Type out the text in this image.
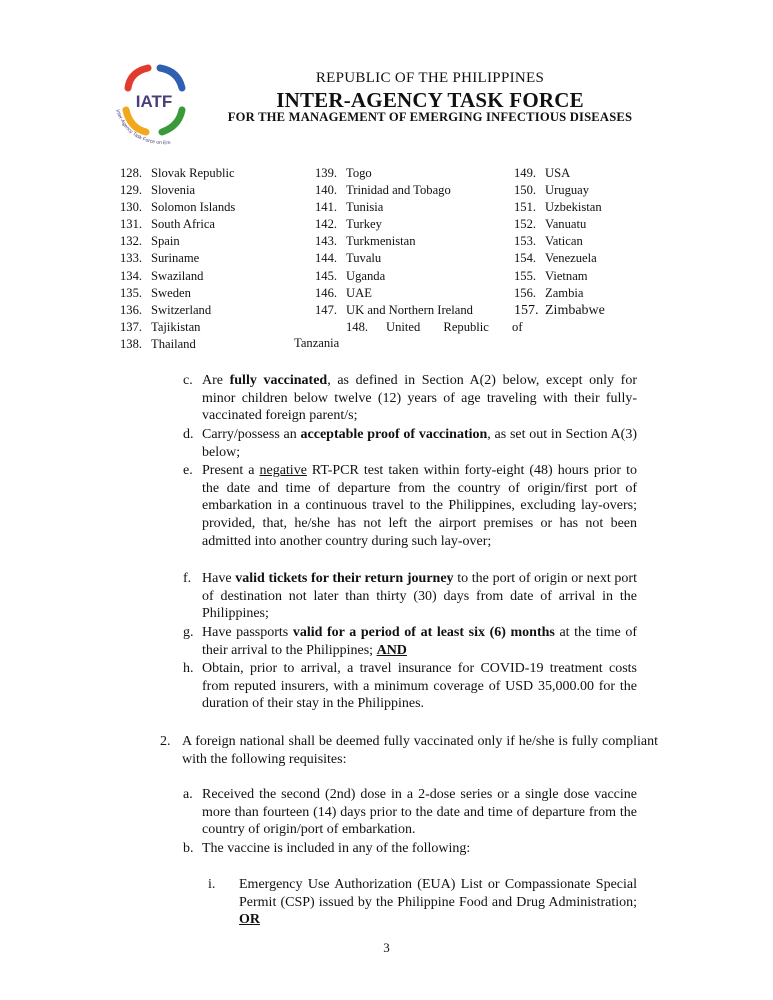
IATF
Inter-Agency Task Force on Em
REPUBLIC OF THE PHILIPPINES
INTER-AGENCY TASK FORCE
FOR THE MANAGEMENT OF EMERGING INFECTIOUS DISEASES
128. Slovak Republic
129. Slovenia
130. Solomon Islands
131. South Africa
132. Spain
133. Suriname
134. Swaziland
135. Sweden
136. Switzerland
137. Tajikistan
138. Thailand
139. Togo
140. Trinidad and Tobago
141. Tunisia
142. Turkey
143. Turkmenistan
144. Tuvalu
145. Uganda
146. UAE
147. UK and Northern Ireland
148. United Republic of
Tanzania
149. USA
150. Uruguay
151. Uzbekistan
152. Vanuatu
153. Vatican
154. Venezuela
155. Vietnam
156. Zambia
157. Zimbabwe
c. Are fully vaccinated, as defined in Section A(2) below, except only for minor children below twelve (12) years of age traveling with their fully-vaccinated foreign parent/s;
d. Carry/possess an acceptable proof of vaccination, as set out in Section A(3) below;
e. Present a negative RT-PCR test taken within forty-eight (48) hours prior to the date and time of departure from the country of origin/first port of embarkation in a continuous travel to the Philippines, excluding lay-overs; provided, that, he/she has not left the airport premises or has not been admitted into another country during such lay-over;
f. Have valid tickets for their return journey to the port of origin or next port of destination not later than thirty (30) days from date of arrival in the Philippines;
g. Have passports valid for a period of at least six (6) months at the time of their arrival to the Philippines; AND
h. Obtain, prior to arrival, a travel insurance for COVID-19 treatment costs from reputed insurers, with a minimum coverage of USD 35,000.00 for the duration of their stay in the Philippines.
2. A foreign national shall be deemed fully vaccinated only if he/she is fully compliant with the following requisites:
a. Received the second (2nd) dose in a 2-dose series or a single dose vaccine more than fourteen (14) days prior to the date and time of departure from the country of origin/port of embarkation.
b. The vaccine is included in any of the following:
i.	Emergency Use Authorization (EUA) List or Compassionate Special Permit (CSP) issued by the Philippine Food and Drug Administration; OR
3
